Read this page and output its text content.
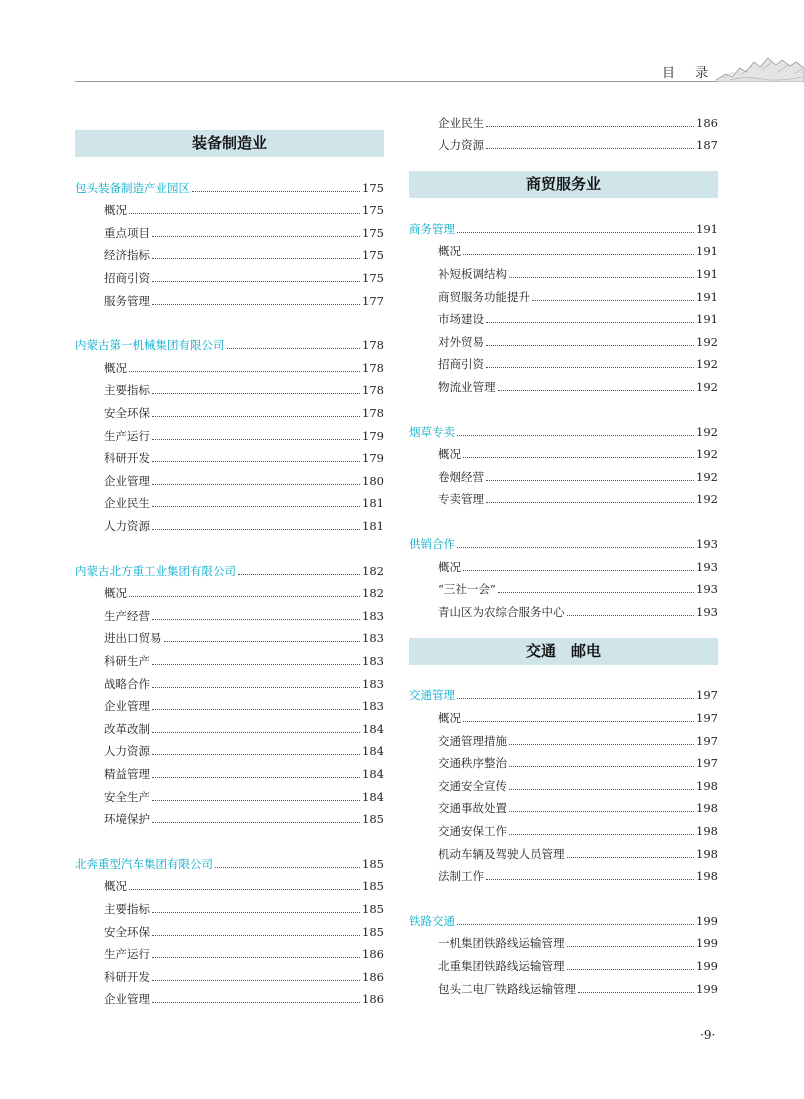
目 录
装备制造业
包头装备制造产业园区	175
概况	175
重点项目	175
经济指标	175
招商引资	175
服务管理	177
内蒙古第一机械集团有限公司	178
概况	178
主要指标	178
安全环保	178
生产运行	179
科研开发	179
企业管理	180
企业民生	181
人力资源	181
内蒙古北方重工业集团有限公司	182
概况	182
生产经营	183
进出口贸易	183
科研生产	183
战略合作	183
企业管理	183
改革改制	184
人力资源	184
精益管理	184
安全生产	184
环境保护	185
北奔重型汽车集团有限公司	185
概况	185
主要指标	185
安全环保	185
生产运行	186
科研开发	186
企业管理	186
企业民生	186
人力资源	187
商贸服务业
商务管理	191
概况	191
补短板调结构	191
商贸服务功能提升	191
市场建设	191
对外贸易	192
招商引资	192
物流业管理	192
烟草专卖	192
概况	192
卷烟经营	192
专卖管理	192
供销合作	193
概况	193
“三社一会”	193
青山区为农综合服务中心	193
交通　邮电
交通管理	197
概况	197
交通管理措施	197
交通秩序整治	197
交通安全宣传	198
交通事故处置	198
交通安保工作	198
机动车辆及驾驶人员管理	198
法制工作	198
铁路交通	199
一机集团铁路线运输管理	199
北重集团铁路线运输管理	199
包头二电厂铁路线运输管理	199
·9·
